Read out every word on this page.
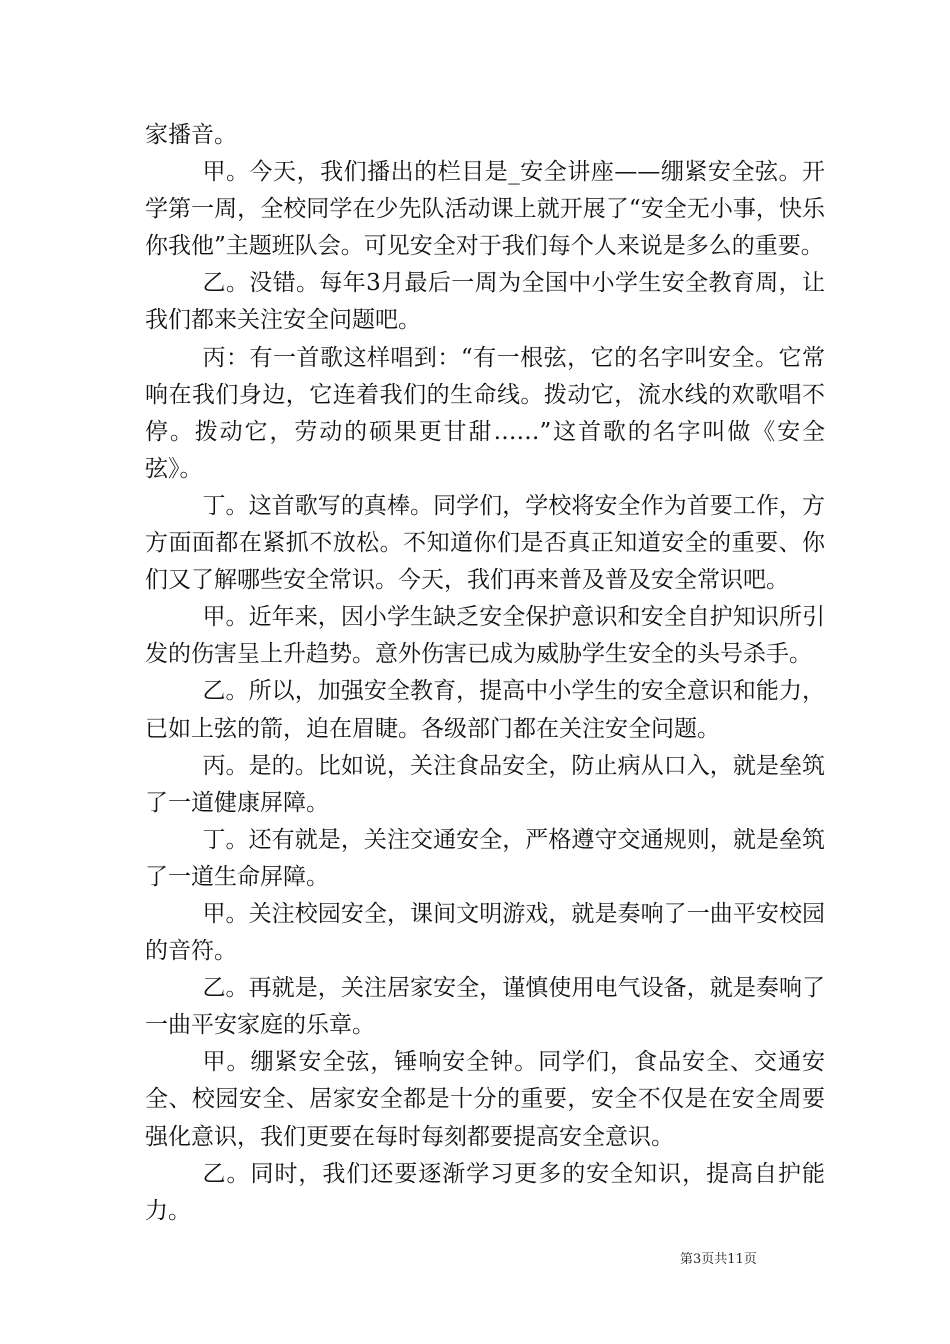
家播音。

甲。今天，我们播出的栏目是_安全讲座——绷紧安全弦。开学第一周，全校同学在少先队活动课上就开展了“安全无小事，快乐你我他”主题班队会。可见安全对于我们每个人来说是多么的重要。

乙。没错。每年3月最后一周为全国中小学生安全教育周，让我们都来关注安全问题吧。

丙：有一首歌这样唱到：“有一根弦，它的名字叫安全。它常响在我们身边，它连着我们的生命线。拨动它，流水线的欢歌唱不停。拨动它，劳动的硕果更甘甜……”这首歌的名字叫做《安全弦》。

丁。这首歌写的真棒。同学们，学校将安全作为首要工作，方方面面都在紧抓不放松。不知道你们是否真正知道安全的重要、你们又了解哪些安全常识。今天，我们再来普及普及安全常识吧。

甲。近年来，因小学生缺乏安全保护意识和安全自护知识所引发的伤害呈上升趋势。意外伤害已成为威胁学生安全的头号杀手。

乙。所以，加强安全教育，提高中小学生的安全意识和能力，已如上弦的箭，迫在眉睫。各级部门都在关注安全问题。

丙。是的。比如说，关注食品安全，防止病从口入，就是垒筑了一道健康屏障。

丁。还有就是，关注交通安全，严格遵守交通规则，就是垒筑了一道生命屏障。

甲。关注校园安全，课间文明游戏，就是奏响了一曲平安校园的音符。

乙。再就是，关注居家安全，谨慎使用电气设备，就是奏响了一曲平安家庭的乐章。

甲。绷紧安全弦，锤响安全钟。同学们，食品安全、交通安全、校园安全、居家安全都是十分的重要，安全不仅是在安全周要强化意识，我们更要在每时每刻都要提高安全意识。

乙。同时，我们还要逐渐学习更多的安全知识，提高自护能力。

第3页共11页
